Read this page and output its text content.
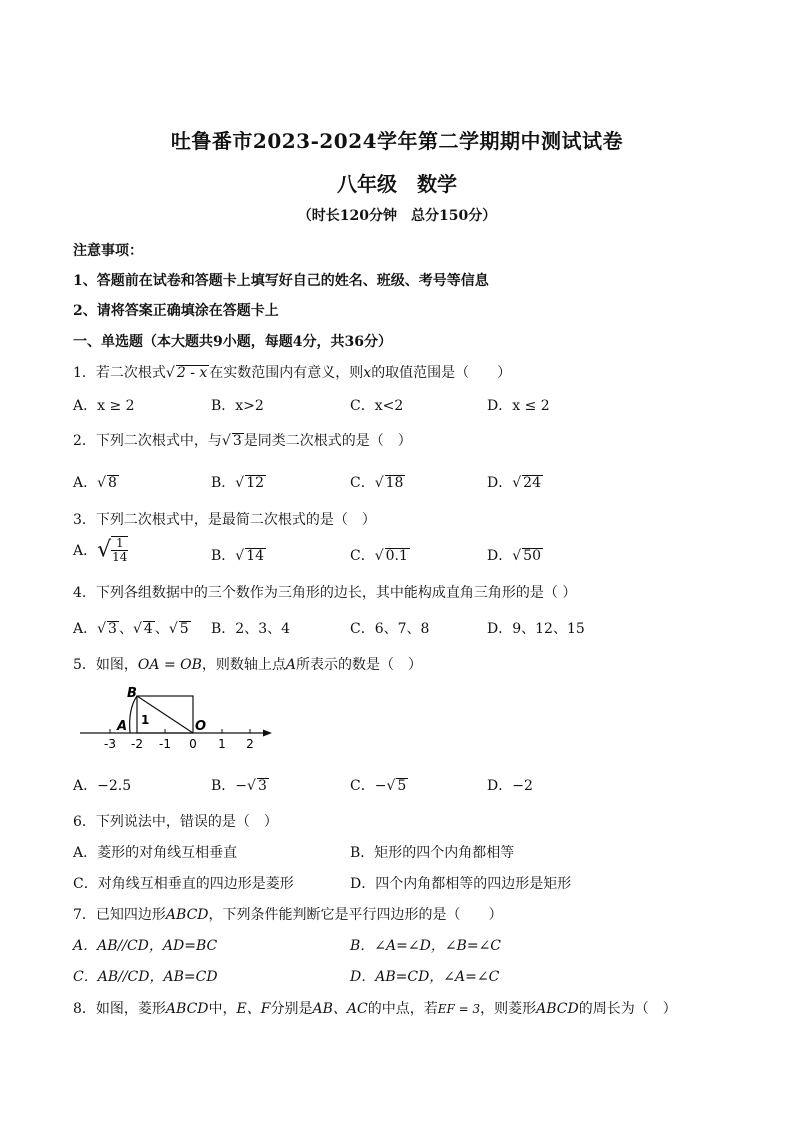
吐鲁番市2023-2024学年第二学期期中测试试卷
八年级　数学
（时长120分钟　总分150分）
注意事项：
1、答题前在试卷和答题卡上填写好自己的姓名、班级、考号等信息
2、请将答案正确填涂在答题卡上
一、单选题（本大题共9小题，每题4分，共36分）
1．若二次根式√ 2 - x 在实数范围内有意义，则x的取值范围是（　　）
A．x ≥ 2	B．x>2	C．x<2	D．x ≤ 2
2．下列二次根式中，与√ 3 是同类二次根式的是（　）
A．√ 8	B．√ 12	C．√ 18	D．√ 24
3．下列二次根式中，是最简二次根式的是（　）
A．√ $\frac{1}{14}$	B．√ 14	C．√ 0.1	D．√ 50
4．下列各组数据中的三个数作为三角形的边长，其中能构成直角三角形的是（ ）
A．√ 3 、√ 4 、√ 5 B．2、3、4	C．6、7、8	D．9、12、15
5．如图，OA = OB，则数轴上点A所表示的数是（　）
-3 -2 -1 0 1 2
B
A	O
1
A．−2.5	B．−√ 3	C．−√ 5	D．−2
6．下列说法中，错误的是（　）
A．菱形的对角线互相垂直	B．矩形的四个内角都相等
C．对角线互相垂直的四边形是菱形	D．四个内角都相等的四边形是矩形
7．已知四边形ABCD，下列条件能判断它是平行四边形的是（　　）
A．AB//CD，AD=BC	B．∠A=∠D，∠B=∠C
C．AB//CD，AB=CD	D．AB=CD，∠A=∠C
8．如图，菱形ABCD中，E、F分别是AB、AC的中点，若EF = 3，则菱形ABCD的周长为（　）
